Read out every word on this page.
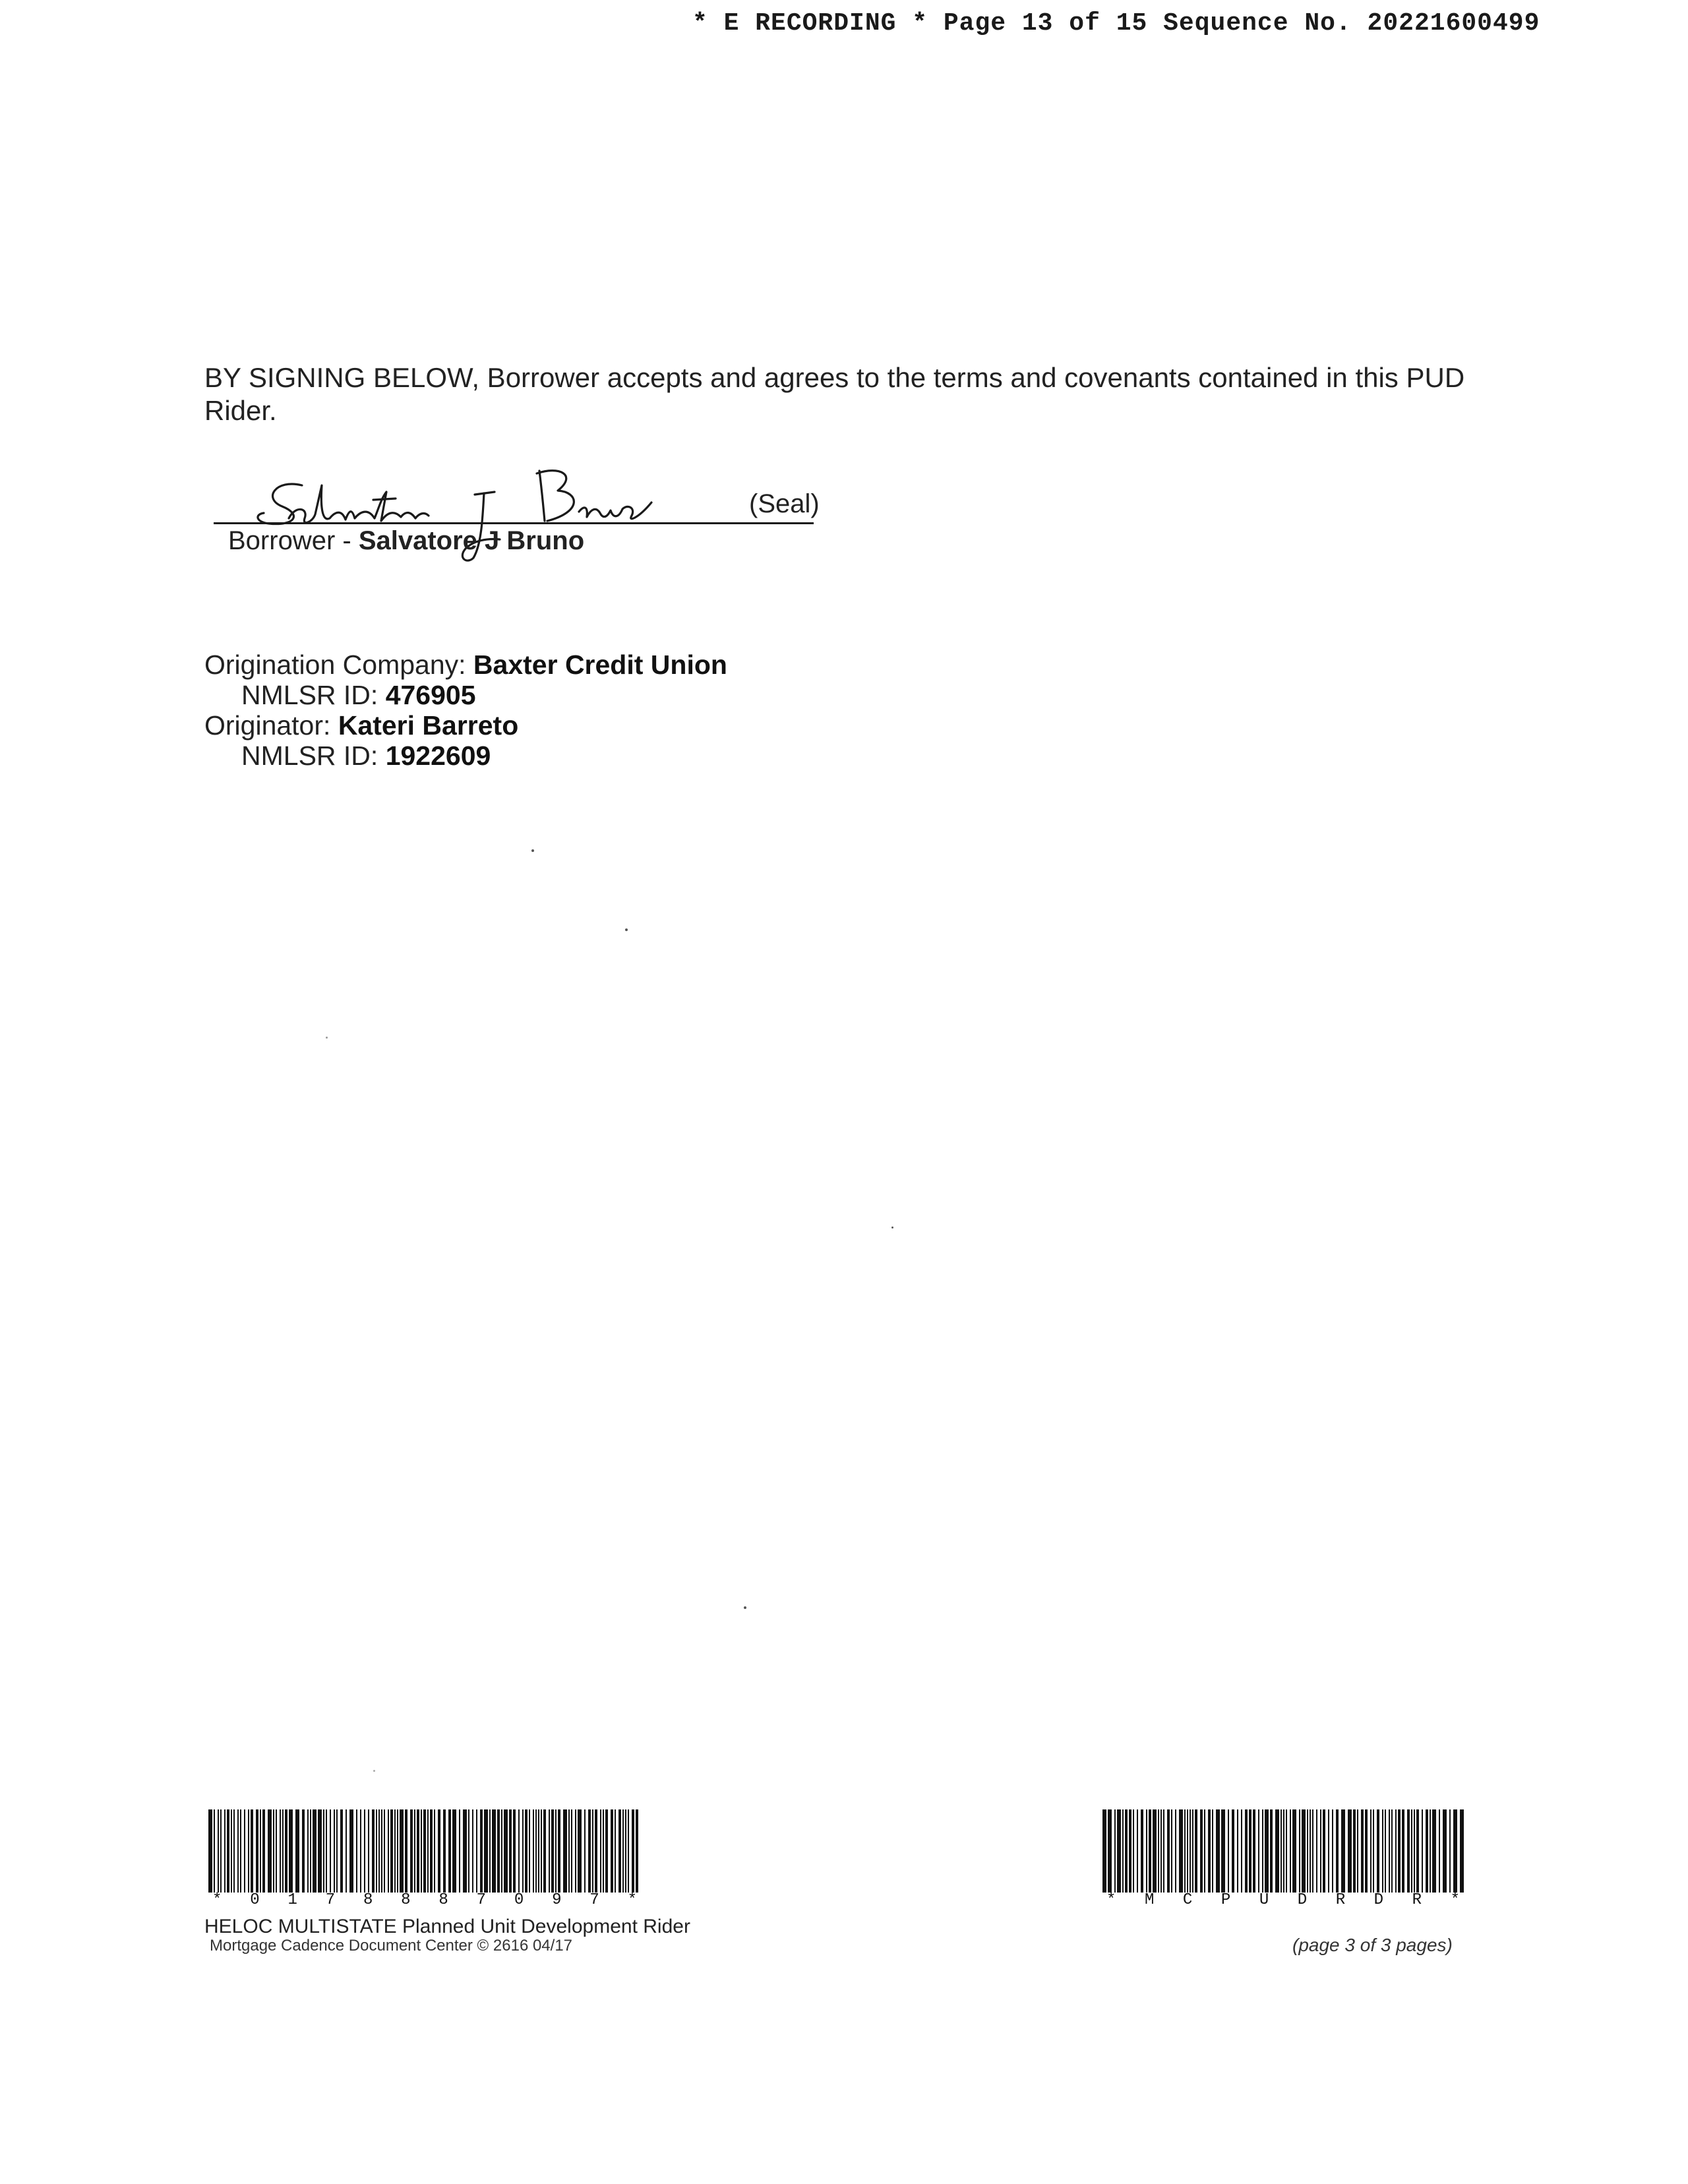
* E RECORDING * Page 13 of 15 Sequence No. 20221600499
BY SIGNING BELOW, Borrower accepts and agrees to the terms and covenants contained in this PUD Rider.
(Seal)
Borrower - Salvatore J Bruno
Origination Company: Baxter Credit Union
NMLSR ID: 476905
Originator: Kateri Barreto
NMLSR ID: 1922609
* 0 1 7 8 8 8 7 0 9 7 *	* M C P U D R D R *
HELOC MULTISTATE Planned Unit Development Rider
Mortgage Cadence Document Center © 2616 04/17	(page 3 of 3 pages)
